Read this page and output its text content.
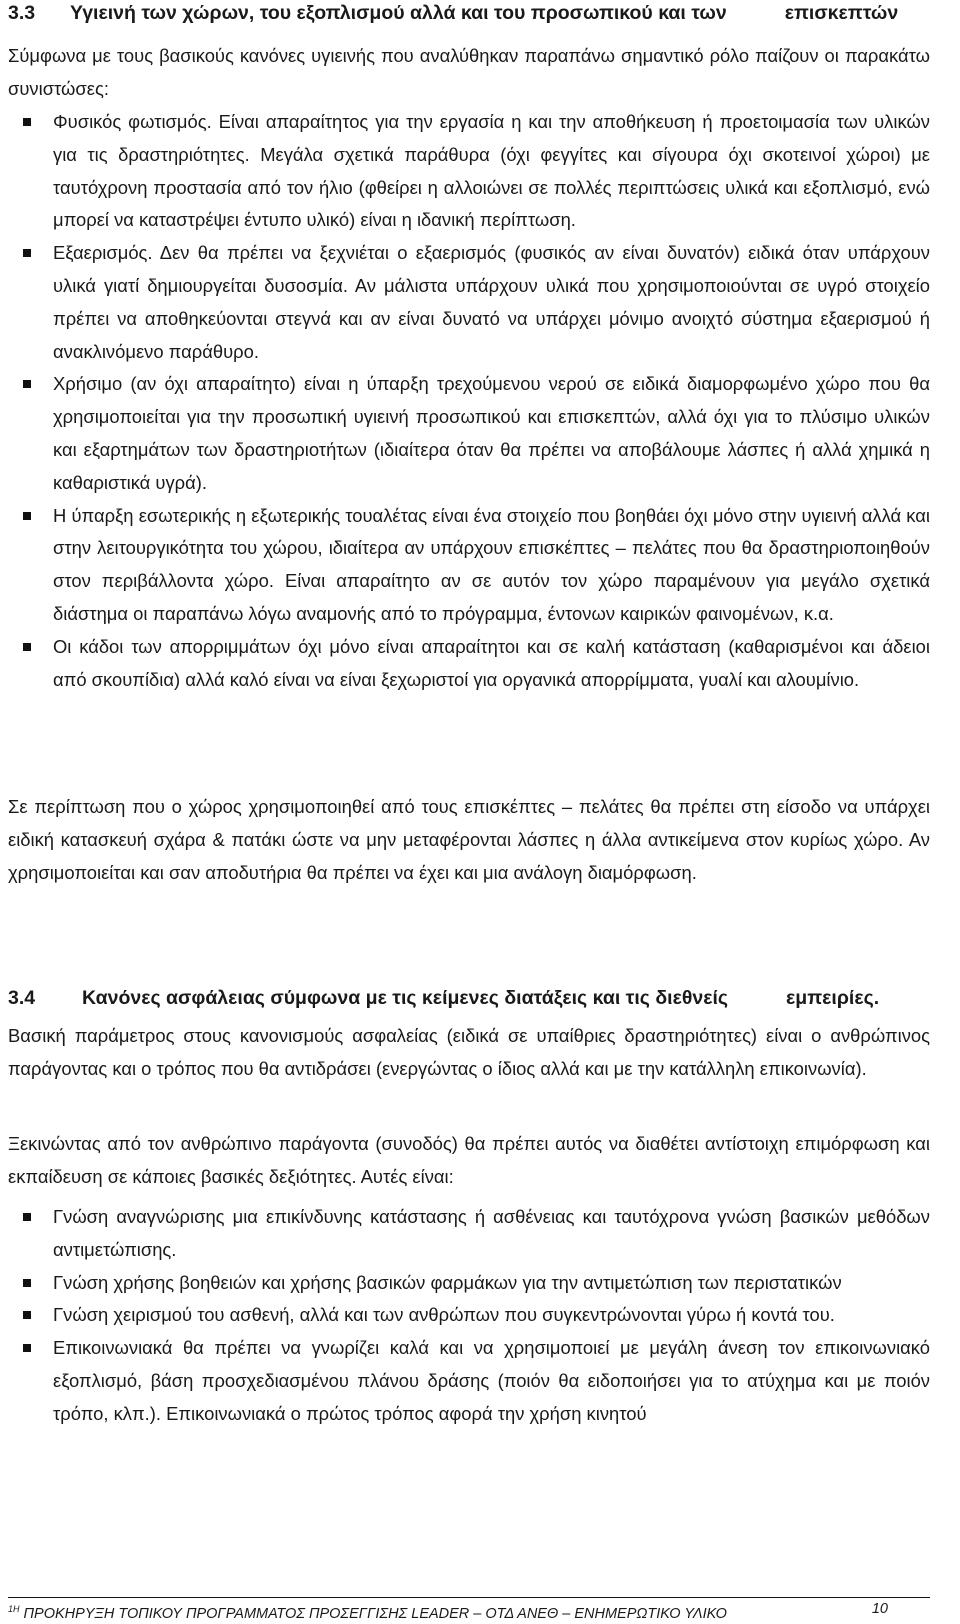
3.3 Υγιεινή των χώρων, του εξοπλισμού αλλά και του προσωπικού και των	επισκεπτών

Σύμφωνα με τους βασικούς κανόνες υγιεινής που αναλύθηκαν παραπάνω σημαντικό ρόλο παίζουν οι παρακάτω συνιστώσες:

Φυσικός φωτισμός. Είναι απαραίτητος για την εργασία η και την αποθήκευση ή προετοιμασία των υλικών για τις δραστηριότητες. Μεγάλα σχετικά παράθυρα (όχι φεγγίτες και σίγουρα όχι σκοτεινοί χώροι) με ταυτόχρονη προστασία από τον ήλιο (φθείρει η αλλοιώνει σε πολλές περιπτώσεις υλικά και εξοπλισμό, ενώ μπορεί να καταστρέψει έντυπο υλικό) είναι η ιδανική περίπτωση.
Εξαερισμός. Δεν θα πρέπει να ξεχνιέται ο εξαερισμός (φυσικός αν είναι δυνατόν) ειδικά όταν υπάρχουν υλικά γιατί δημιουργείται δυσοσμία. Αν μάλιστα υπάρχουν υλικά που χρησιμοποιούνται σε υγρό στοιχείο πρέπει να αποθηκεύονται στεγνά και αν είναι δυνατό να υπάρχει μόνιμο ανοιχτό σύστημα εξαερισμού ή ανακλινόμενο παράθυρο.
Χρήσιμο (αν όχι απαραίτητο) είναι η ύπαρξη τρεχούμενου νερού σε ειδικά διαμορφωμένο χώρο που θα χρησιμοποιείται για την προσωπική υγιεινή προσωπικού και επισκεπτών, αλλά όχι για το πλύσιμο υλικών και εξαρτημάτων των δραστηριοτήτων (ιδιαίτερα όταν θα πρέπει να αποβάλουμε λάσπες ή αλλά χημικά η καθαριστικά υγρά).
Η ύπαρξη εσωτερικής η εξωτερικής τουαλέτας είναι ένα στοιχείο που βοηθάει όχι μόνο στην υγιεινή αλλά και στην λειτουργικότητα του χώρου, ιδιαίτερα αν υπάρχουν επισκέπτες – πελάτες που θα δραστηριοποιηθούν στον περιβάλλοντα χώρο. Είναι απαραίτητο αν σε αυτόν τον χώρο παραμένουν για μεγάλο σχετικά διάστημα οι παραπάνω λόγω αναμονής από το πρόγραμμα, έντονων καιρικών φαινομένων, κ.α.
Οι κάδοι των απορριμμάτων όχι μόνο είναι απαραίτητοι και σε καλή κατάσταση (καθαρισμένοι και άδειοι από σκουπίδια) αλλά καλό είναι να είναι ξεχωριστοί για οργανικά απορρίμματα, γυαλί και αλουμίνιο.

Σε περίπτωση που ο χώρος χρησιμοποιηθεί από τους επισκέπτες – πελάτες θα πρέπει στη είσοδο να υπάρχει ειδική κατασκευή σχάρα & πατάκι ώστε να μην μεταφέρονται λάσπες η άλλα αντικείμενα στον κυρίως χώρο. Αν χρησιμοποιείται και σαν αποδυτήρια θα πρέπει να έχει και μια ανάλογη διαμόρφωση.

3.4 Κανόνες ασφάλειας σύμφωνα με τις κείμενες διατάξεις και τις διεθνείς	εμπειρίες.

Βασική παράμετρος στους κανονισμούς ασφαλείας (ειδικά σε υπαίθριες δραστηριότητες) είναι ο ανθρώπινος παράγοντας και ο τρόπος που θα αντιδράσει (ενεργώντας ο ίδιος αλλά και με την κατάλληλη επικοινωνία).

Ξεκινώντας από τον ανθρώπινο παράγοντα (συνοδός) θα πρέπει αυτός να διαθέτει αντίστοιχη επιμόρφωση και εκπαίδευση σε κάποιες βασικές δεξιότητες. Αυτές είναι:

Γνώση αναγνώρισης μια επικίνδυνης κατάστασης ή ασθένειας και ταυτόχρονα γνώση βασικών μεθόδων αντιμετώπισης.
Γνώση χρήσης βοηθειών και χρήσης βασικών φαρμάκων για την αντιμετώπιση των περιστατικών
Γνώση χειρισμού του ασθενή, αλλά και των ανθρώπων που συγκεντρώνονται γύρω ή κοντά του.
Επικοινωνιακά θα πρέπει να γνωρίζει καλά και να χρησιμοποιεί με μεγάλη άνεση τον επικοινωνιακό εξοπλισμό, βάση προσχεδιασμένου πλάνου δράσης (ποιόν θα ειδοποιήσει για το ατύχημα και με ποιόν τρόπο, κλπ.). Επικοινωνιακά ο πρώτος τρόπος αφορά την χρήση κινητού
$^{1H}$ ΠΡΟΚΗΡΥΞΗ ΤΟΠΙΚΟΥ ΠΡΟΓΡΑΜΜΑΤΟΣ ΠΡΟΣΕΓΓΙΣΗΣ LEADER – ΟΤΔ ΑΝΕΘ – ΕΝΗΜΕΡΩΤΙΚΟ ΥΛΙΚΟ	10
